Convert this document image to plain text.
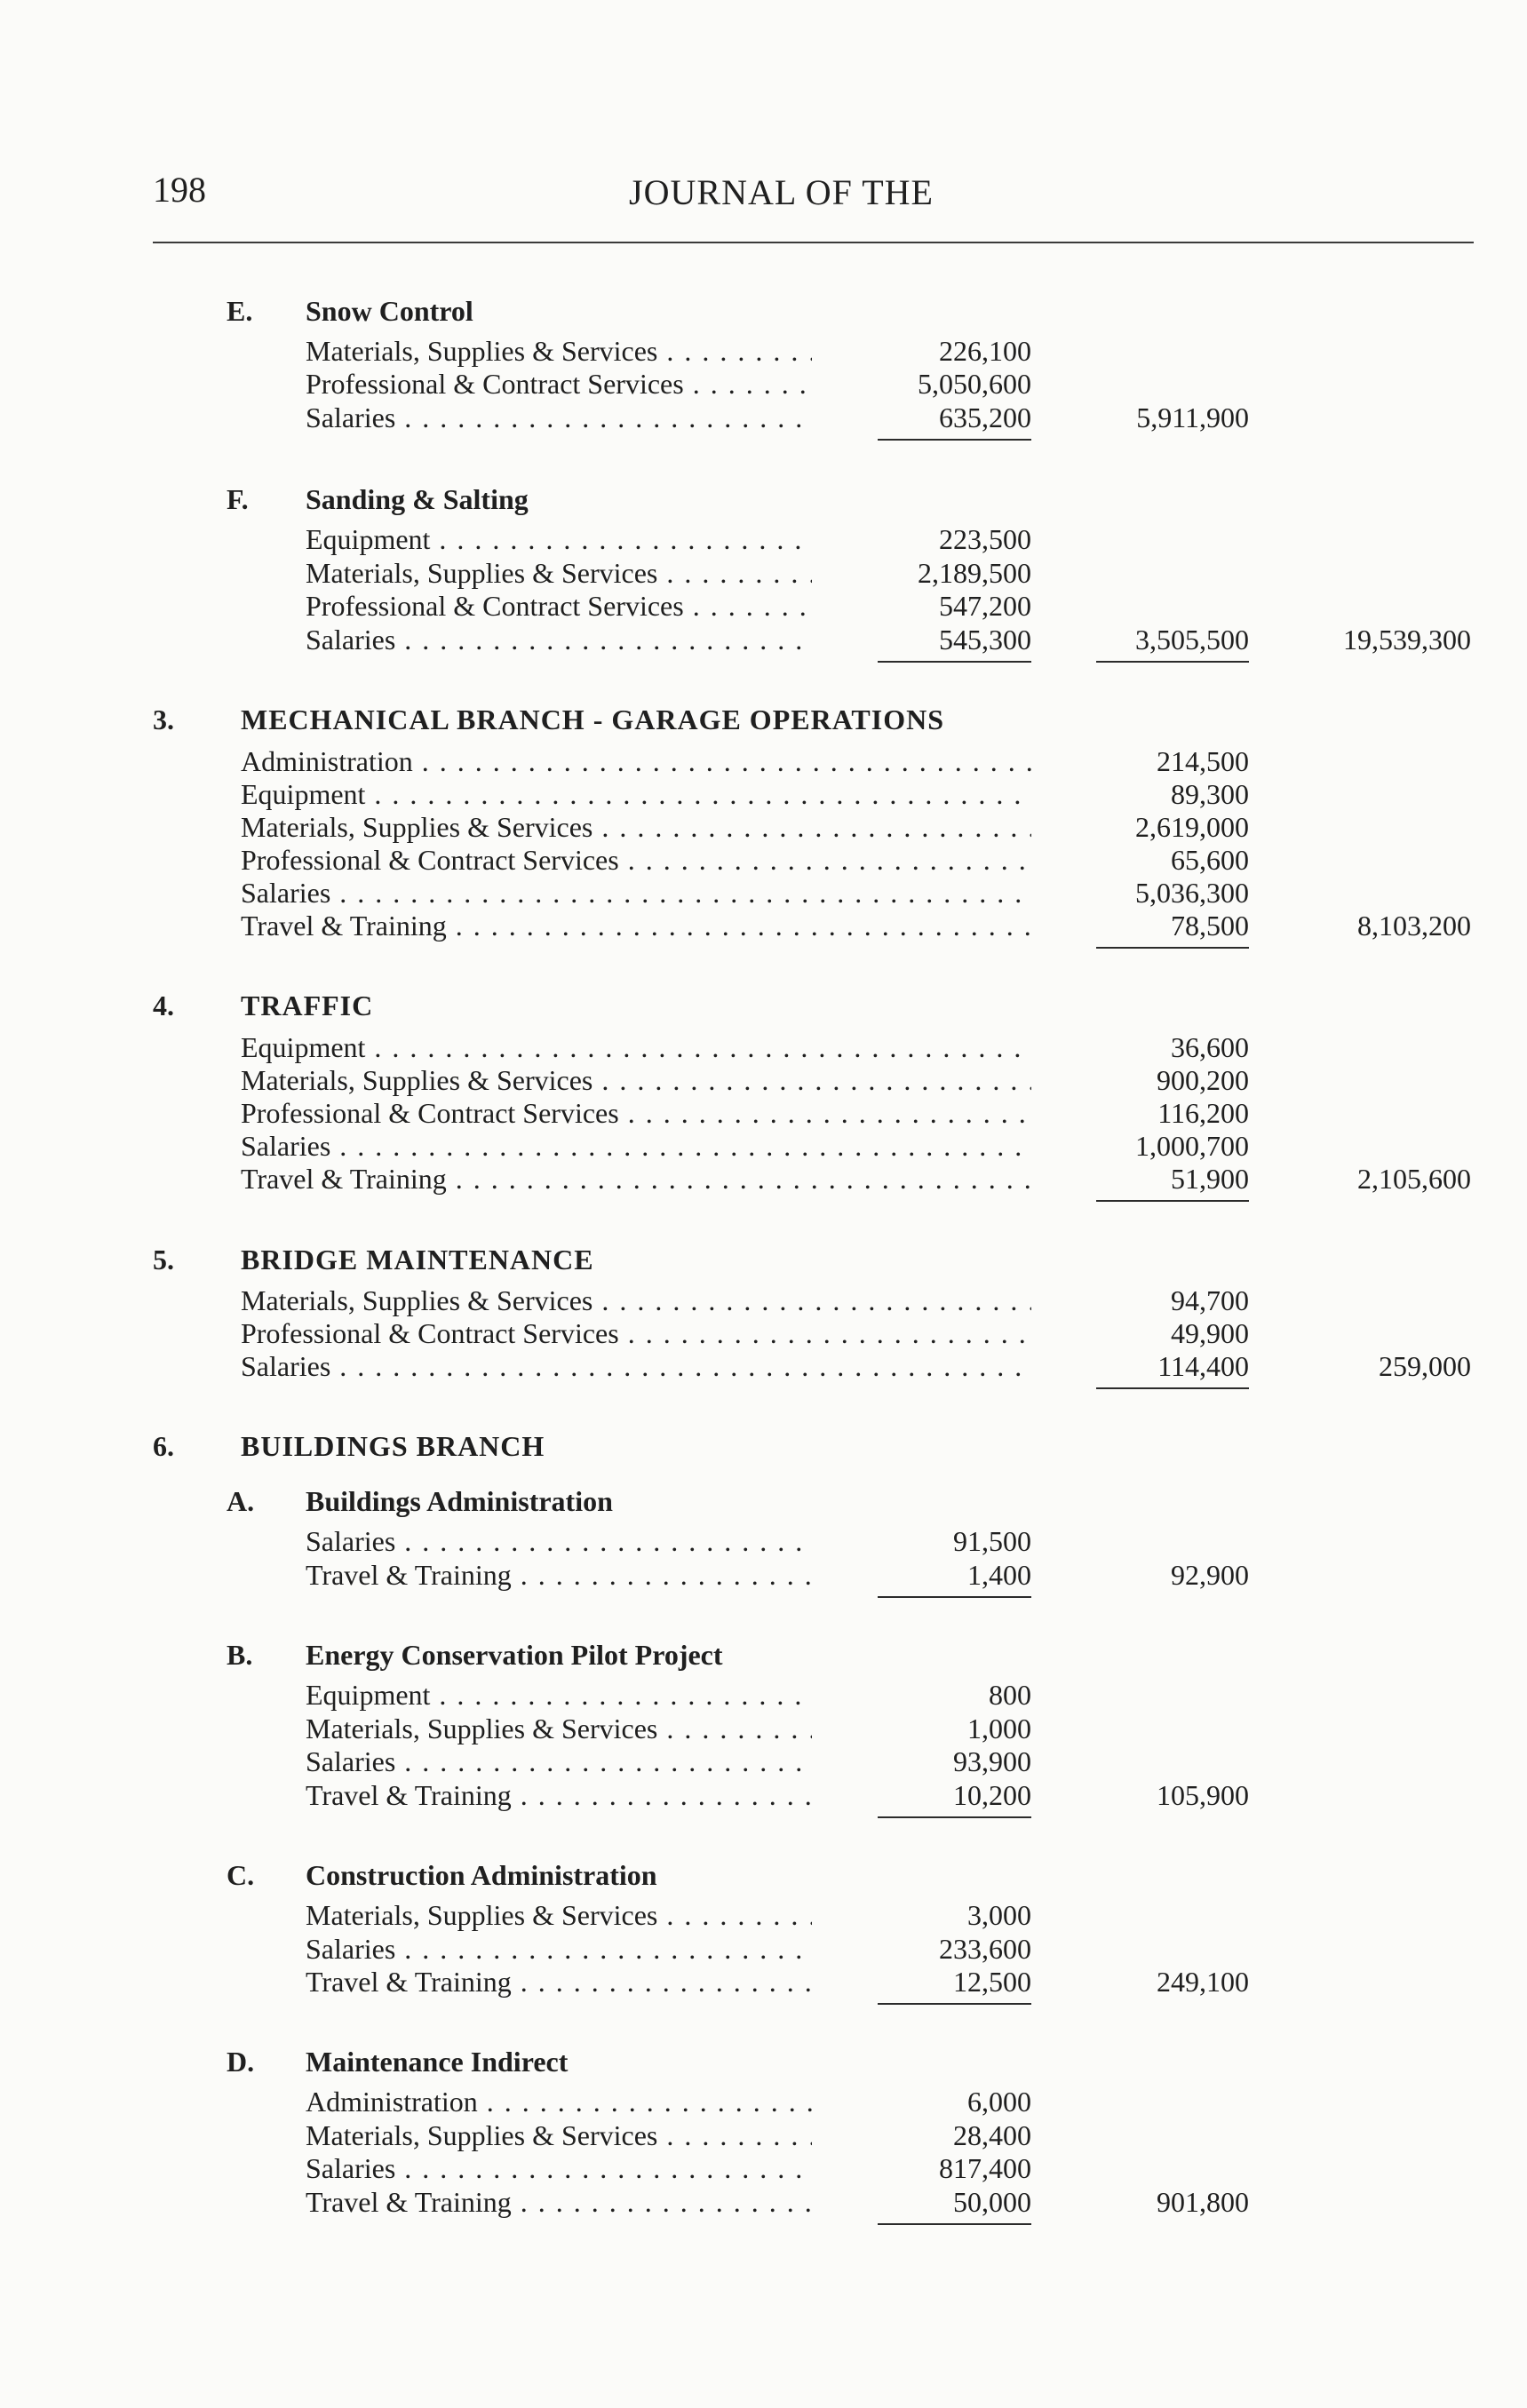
198	JOURNAL OF THE
E. Snow Control
Materials, Supplies & Services . . .	226,100
Professional & Contract Services . . .	5,050,600
Salaries . . .	635,200	5,911,900
F. Sanding & Salting
Equipment . . .	223,500
Materials, Supplies & Services . . .	2,189,500
Professional & Contract Services . . .	547,200
Salaries . . .	545,300	3,505,500	19,539,300
3. MECHANICAL BRANCH - GARAGE OPERATIONS
Administration . . .	214,500
Equipment . . .	89,300
Materials, Supplies & Services . . .	2,619,000
Professional & Contract Services . . .	65,600
Salaries . . .	5,036,300
Travel & Training . . .	78,500	8,103,200
4. TRAFFIC
Equipment . . .	36,600
Materials, Supplies & Services . . .	900,200
Professional & Contract Services . . .	116,200
Salaries . . .	1,000,700
Travel & Training . . .	51,900	2,105,600
5. BRIDGE MAINTENANCE
Materials, Supplies & Services . . .	94,700
Professional & Contract Services . . .	49,900
Salaries . . .	114,400	259,000
6. BUILDINGS BRANCH
A. Buildings Administration
Salaries . . .	91,500
Travel & Training . . .	1,400	92,900
B. Energy Conservation Pilot Project
Equipment . . .	800
Materials, Supplies & Services . . .	1,000
Salaries . . .	93,900
Travel & Training . . .	10,200	105,900
C. Construction Administration
Materials, Supplies & Services . . .	3,000
Salaries . . .	233,600
Travel & Training . . .	12,500	249,100
D. Maintenance Indirect
Administration . . .	6,000
Materials, Supplies & Services . . .	28,400
Salaries . . .	817,400
Travel & Training . . .	50,000	901,800
